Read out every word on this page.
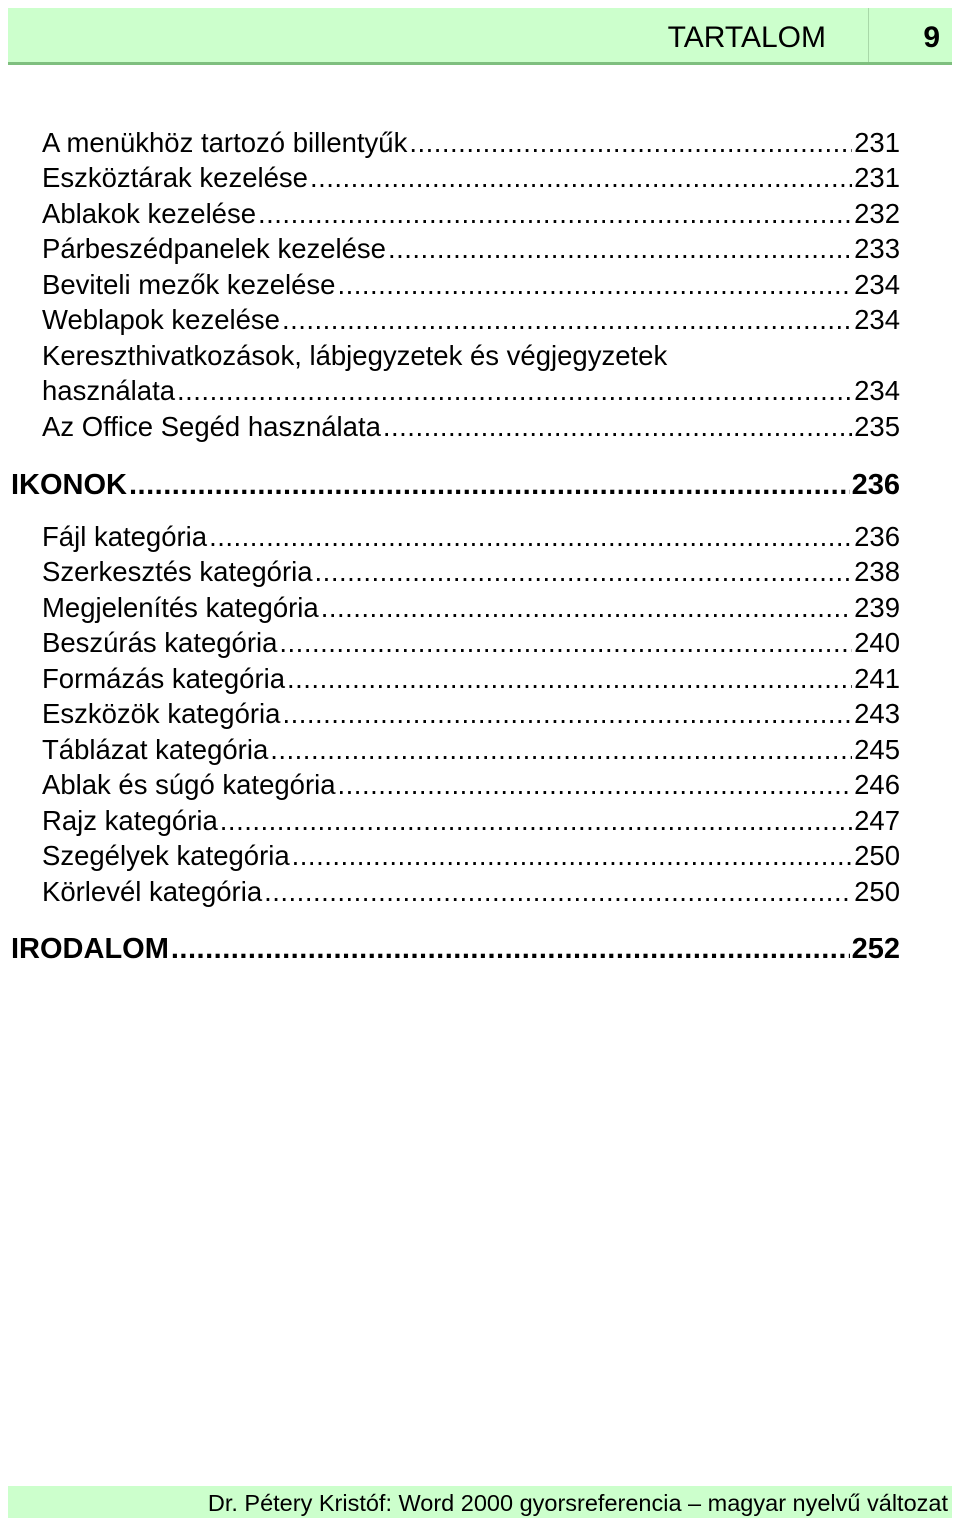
TARTALOM	9
A menükhöz tartozó billentyűk .....	231
Eszköztárak kezelése .....	231
Ablakok kezelése .....	232
Párbeszédpanelek kezelése .....	233
Beviteli mezők kezelése .....	234
Weblapok kezelése .....	234
Kereszthivatkozások, lábjegyzetek és végjegyzetek
használata .....	234
Az Office Segéd használata .....	235
IKONOK .....	236
Fájl kategória .....	236
Szerkesztés kategória .....	238
Megjelenítés kategória .....	239
Beszúrás kategória .....	240
Formázás kategória .....	241
Eszközök kategória .....	243
Táblázat kategória .....	245
Ablak és súgó kategória .....	246
Rajz kategória .....	247
Szegélyek kategória .....	250
Körlevél kategória .....	250
IRODALOM .....	252
Dr. Pétery Kristóf: Word 2000 gyorsreferencia – magyar nyelvű változat
